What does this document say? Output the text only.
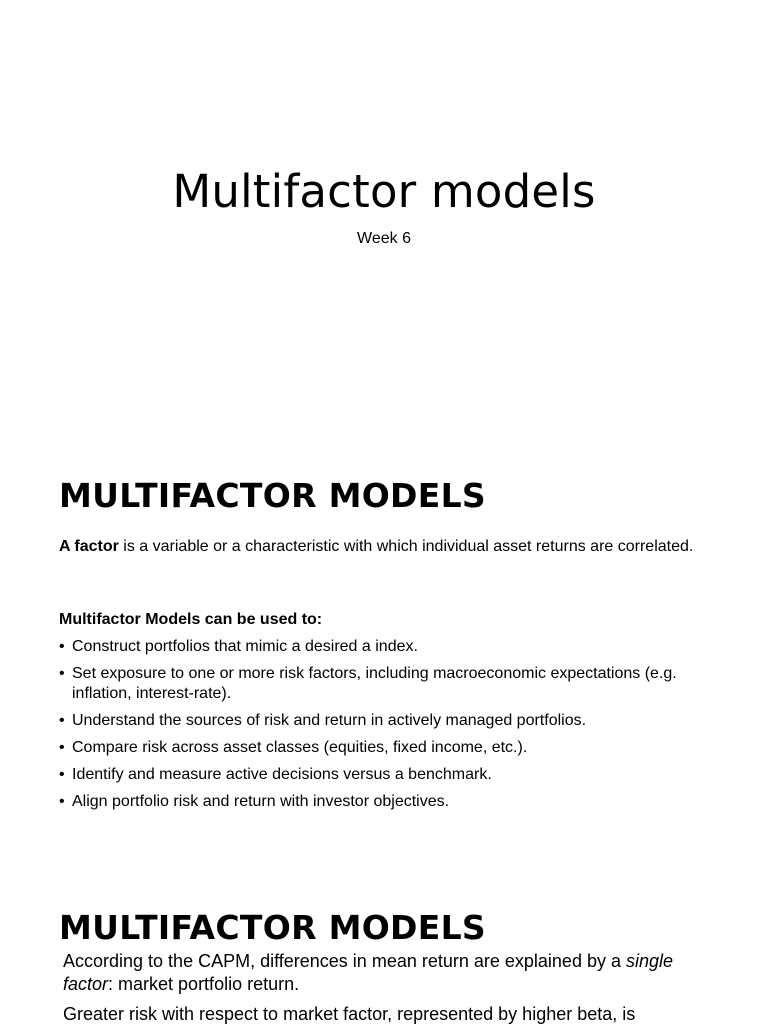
Multifactor models
Week 6
MULTIFACTOR MODELS
A factor is a variable or a characteristic with which individual asset returns are correlated.
Multifactor Models can be used to:
• Construct portfolios that mimic a desired a index.
• Set exposure to one or more risk factors, including macroeconomic expectations (e.g. inflation, interest-rate).
• Understand the sources of risk and return in actively managed portfolios.
• Compare risk across asset classes (equities, fixed income, etc.).
• Identify and measure active decisions versus a benchmark.
• Align portfolio risk and return with investor objectives.
MULTIFACTOR MODELS
According to the CAPM, differences in mean return are explained by a single factor: market portfolio return.
Greater risk with respect to market factor, represented by higher beta, is
